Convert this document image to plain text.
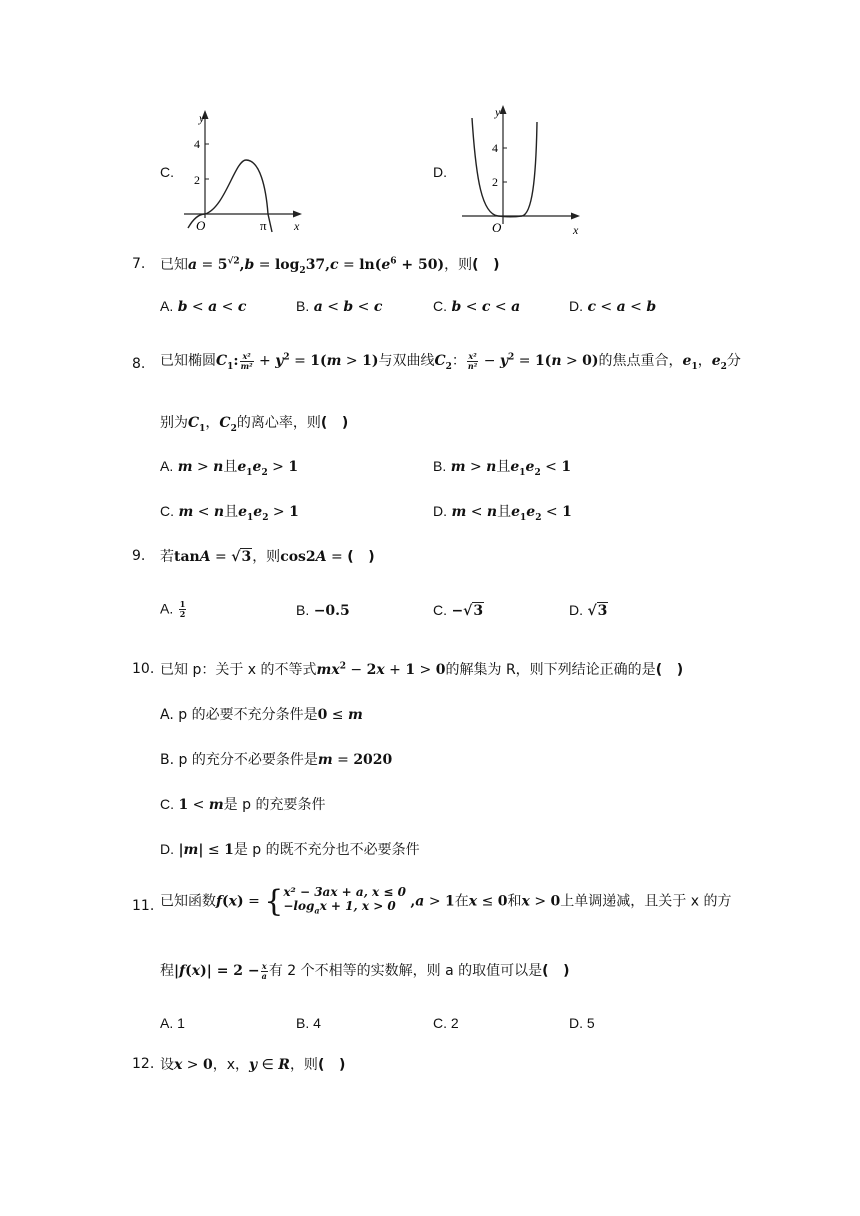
C.
y
4
2
O	π x
D.
y
4
2
O	x
7. 已知$a = 5^{√2},b = \log_237,c = \ln(e^6 + 50)$，则(   )
A. b < a < c	B. a < b < c	C. b < c < a	D. c < a < b
8. 已知椭圆$C_1$: $\frac{\text{x²}}{\text{m²}} + y^2 = 1(m > 1)$与双曲线$C_2$： $\frac{\text{x²}}{\text{n²}} - y^2 = 1(n > 0)$的焦点重合，$e_1$，$e_2$分
别为$C_1$，$C_2$的离心率，则(   )
A. m > n且$e_1e_2 > 1$	B. m > n且$e_1e_2 < 1$
C. m < n且$e_1e_2 > 1$	D. m < n且$e_1e_2 < 1$
9. 若tanA = √3，则cos2A = (   )
A. $\frac{1}{2}$	B. −0.5	C. −√3	D. √3
10. 已知 p：关于 x 的不等式$mx^2 - 2x + 1 > 0$的解集为 R，则下列结论正确的是(   )
A. p 的必要不充分条件是0 ≤ m
B. p 的充分不必要条件是m = 2020
C. 1 < m是 p 的充要条件
D. |m| ≤ 1是 p 的既不充分也不必要条件
11. 已知函数f(x) = { x² − 3ax + a, x ≤ 0
$-\log_ax + 1$, x > 0	,a > 1在x ≤ 0和x > 0上单调递减，且关于 x 的方
程$|f(x)| = 2 - \frac{x}{a}$ 有 2 个不相等的实数解，则 a 的取值可以是(   )
A. 1	B. 4	C. 2	D. 5
12. 设x > 0，x，y ∈ R，则(   )
